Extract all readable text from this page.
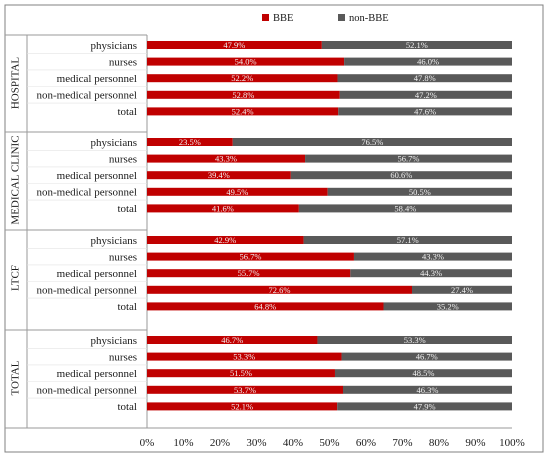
BBE	non-BBE
0% 10% 20% 30% 40% 50% 60% 70% 80% 90% 100%
HOSPITAL
physicians	47.9%	52.1%
nurses	54.0%	46.0%
medical personnel	52.2%	47.8%
non-medical personnel	52.8%	47.2%
total	52.4%	47.6%
MEDICAL CLINIC	physicians	23.5%	76.5%
nurses	43.3%	56.7%
medical personnel	39.4%	60.6%
non-medical personnel	49.5%	50.5%
total	41.6%	58.4%
LTCF
physicians	42.9%	57.1%
nurses	56.7%	43.3%
medical personnel	55.7%	44.3%
non-medical personnel	72.6%	27.4%
total	64.8%	35.2%
TOTAL
physicians	46.7%	53.3%
nurses	53.3%	46.7%
medical personnel	51.5%	48.5%
non-medical personnel	53.7%	46.3%
total	52.1%	47.9%
